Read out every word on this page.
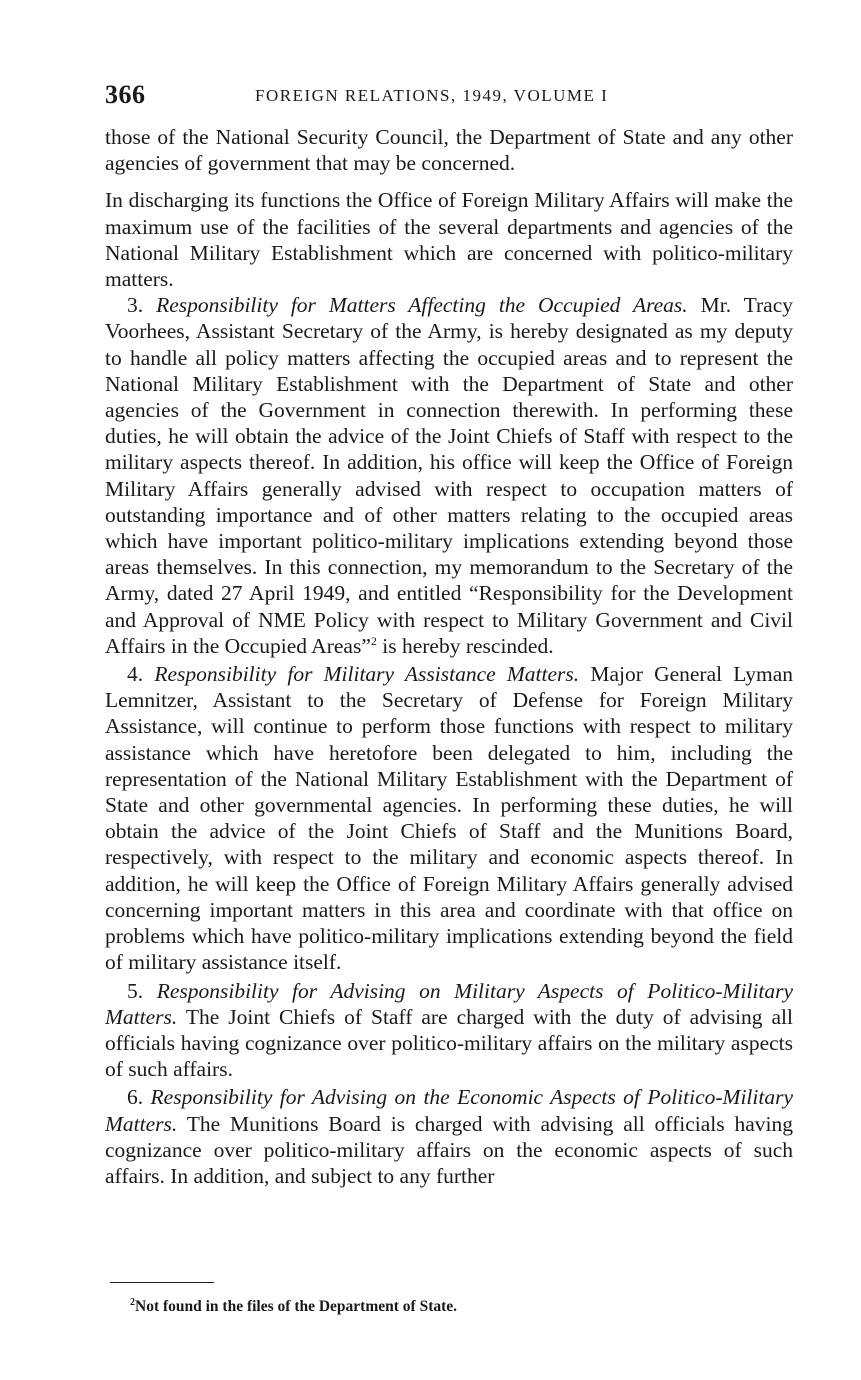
366	FOREIGN RELATIONS, 1949, VOLUME I

those of the National Security Council, the Department of State and any other agencies of government that may be concerned.

In discharging its functions the Office of Foreign Military Affairs will make the maximum use of the facilities of the several departments and agencies of the National Military Establishment which are concerned with politico-military matters.

3. Responsibility for Matters Affecting the Occupied Areas. Mr. Tracy Voorhees, Assistant Secretary of the Army, is hereby designated as my deputy to handle all policy matters affecting the occupied areas and to represent the National Military Establishment with the Department of State and other agencies of the Government in connection therewith. In performing these duties, he will obtain the advice of the Joint Chiefs of Staff with respect to the military aspects thereof. In addition, his office will keep the Office of Foreign Military Affairs generally advised with respect to occupation matters of outstanding importance and of other matters relating to the occupied areas which have important politico-military implications extending beyond those areas themselves. In this connection, my memorandum to the Secretary of the Army, dated 27 April 1949, and entitled “Responsibility for the Development and Approval of NME Policy with respect to Military Government and Civil Affairs in the Occupied Areas”$^2$ is hereby rescinded.

4. Responsibility for Military Assistance Matters. Major General Lyman Lemnitzer, Assistant to the Secretary of Defense for Foreign Military Assistance, will continue to perform those functions with respect to military assistance which have heretofore been delegated to him, including the representation of the National Military Establishment with the Department of State and other governmental agencies. In performing these duties, he will obtain the advice of the Joint Chiefs of Staff and the Munitions Board, respectively, with respect to the military and economic aspects thereof. In addition, he will keep the Office of Foreign Military Affairs generally advised concerning important matters in this area and coordinate with that office on problems which have politico-military implications extending beyond the field of military assistance itself.

5. Responsibility for Advising on Military Aspects of Politico-Military Matters. The Joint Chiefs of Staff are charged with the duty of advising all officials having cognizance over politico-military affairs on the military aspects of such affairs.

6. Responsibility for Advising on the Economic Aspects of Politico-Military Matters. The Munitions Board is charged with advising all officials having cognizance over politico-military affairs on the economic aspects of such affairs. In addition, and subject to any further

$^2$Not found in the files of the Department of State.
